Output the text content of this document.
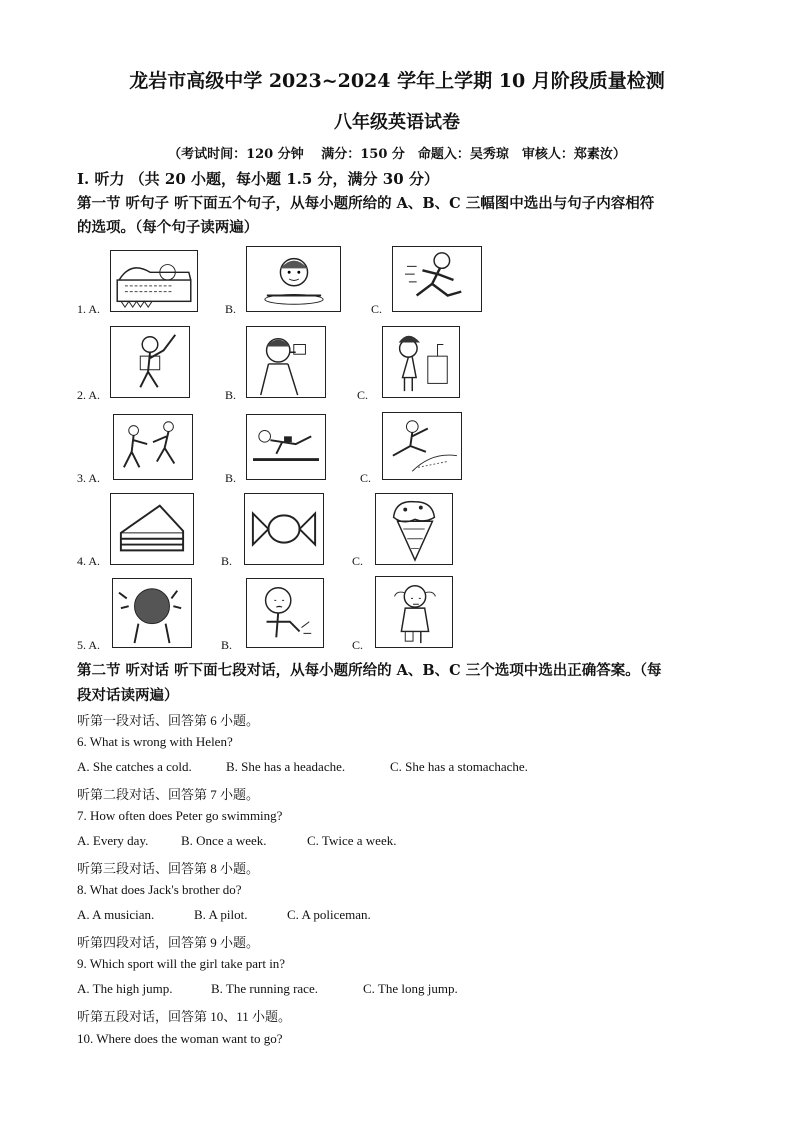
龙岩市高级中学 2023~2024 学年上学期 10 月阶段质量检测
八年级英语试卷
（考试时间：120 分钟　 满分：150 分　命题入：吴秀琼　审核人：郑素汝）
Ⅰ. 听力 （共 20 小题，每小题 1.5 分，满分 30 分）
第一节 听句子 听下面五个句子，从每小题所给的 A、B、C 三幅图中选出与句子内容相符
的选项。（每个句子读两遍）
1. A.	B.	C.
2. A.	B.	C.
3. A.	B.	C.
4. A.	B.	C.
5. A.	B.	C.
第二节 听对话 听下面七段对话，从每小题所给的 A、B、C 三个选项中选出正确答案。（每
段对话读两遍）
听第一段对话、回答第 6 小题。
6. What is wrong with Helen?
A. She catches a cold.	B. She has a headache.	C. She has a stomachache.
听第二段对话、回答第 7 小题。
7. How often does Peter go swimming?
A. Every day.	B. Once a week.	C. Twice a week.
听第三段对话、回答第 8 小题。
8. What does Jack's brother do?
A. A musician.	B. A pilot.	C. A policeman.
听第四段对话，回答第 9 小题。
9. Which sport will the girl take part in?
A. The high jump.	B. The running race.	C. The long jump.
听第五段对话，回答第 10、11 小题。
10. Where does the woman want to go?
